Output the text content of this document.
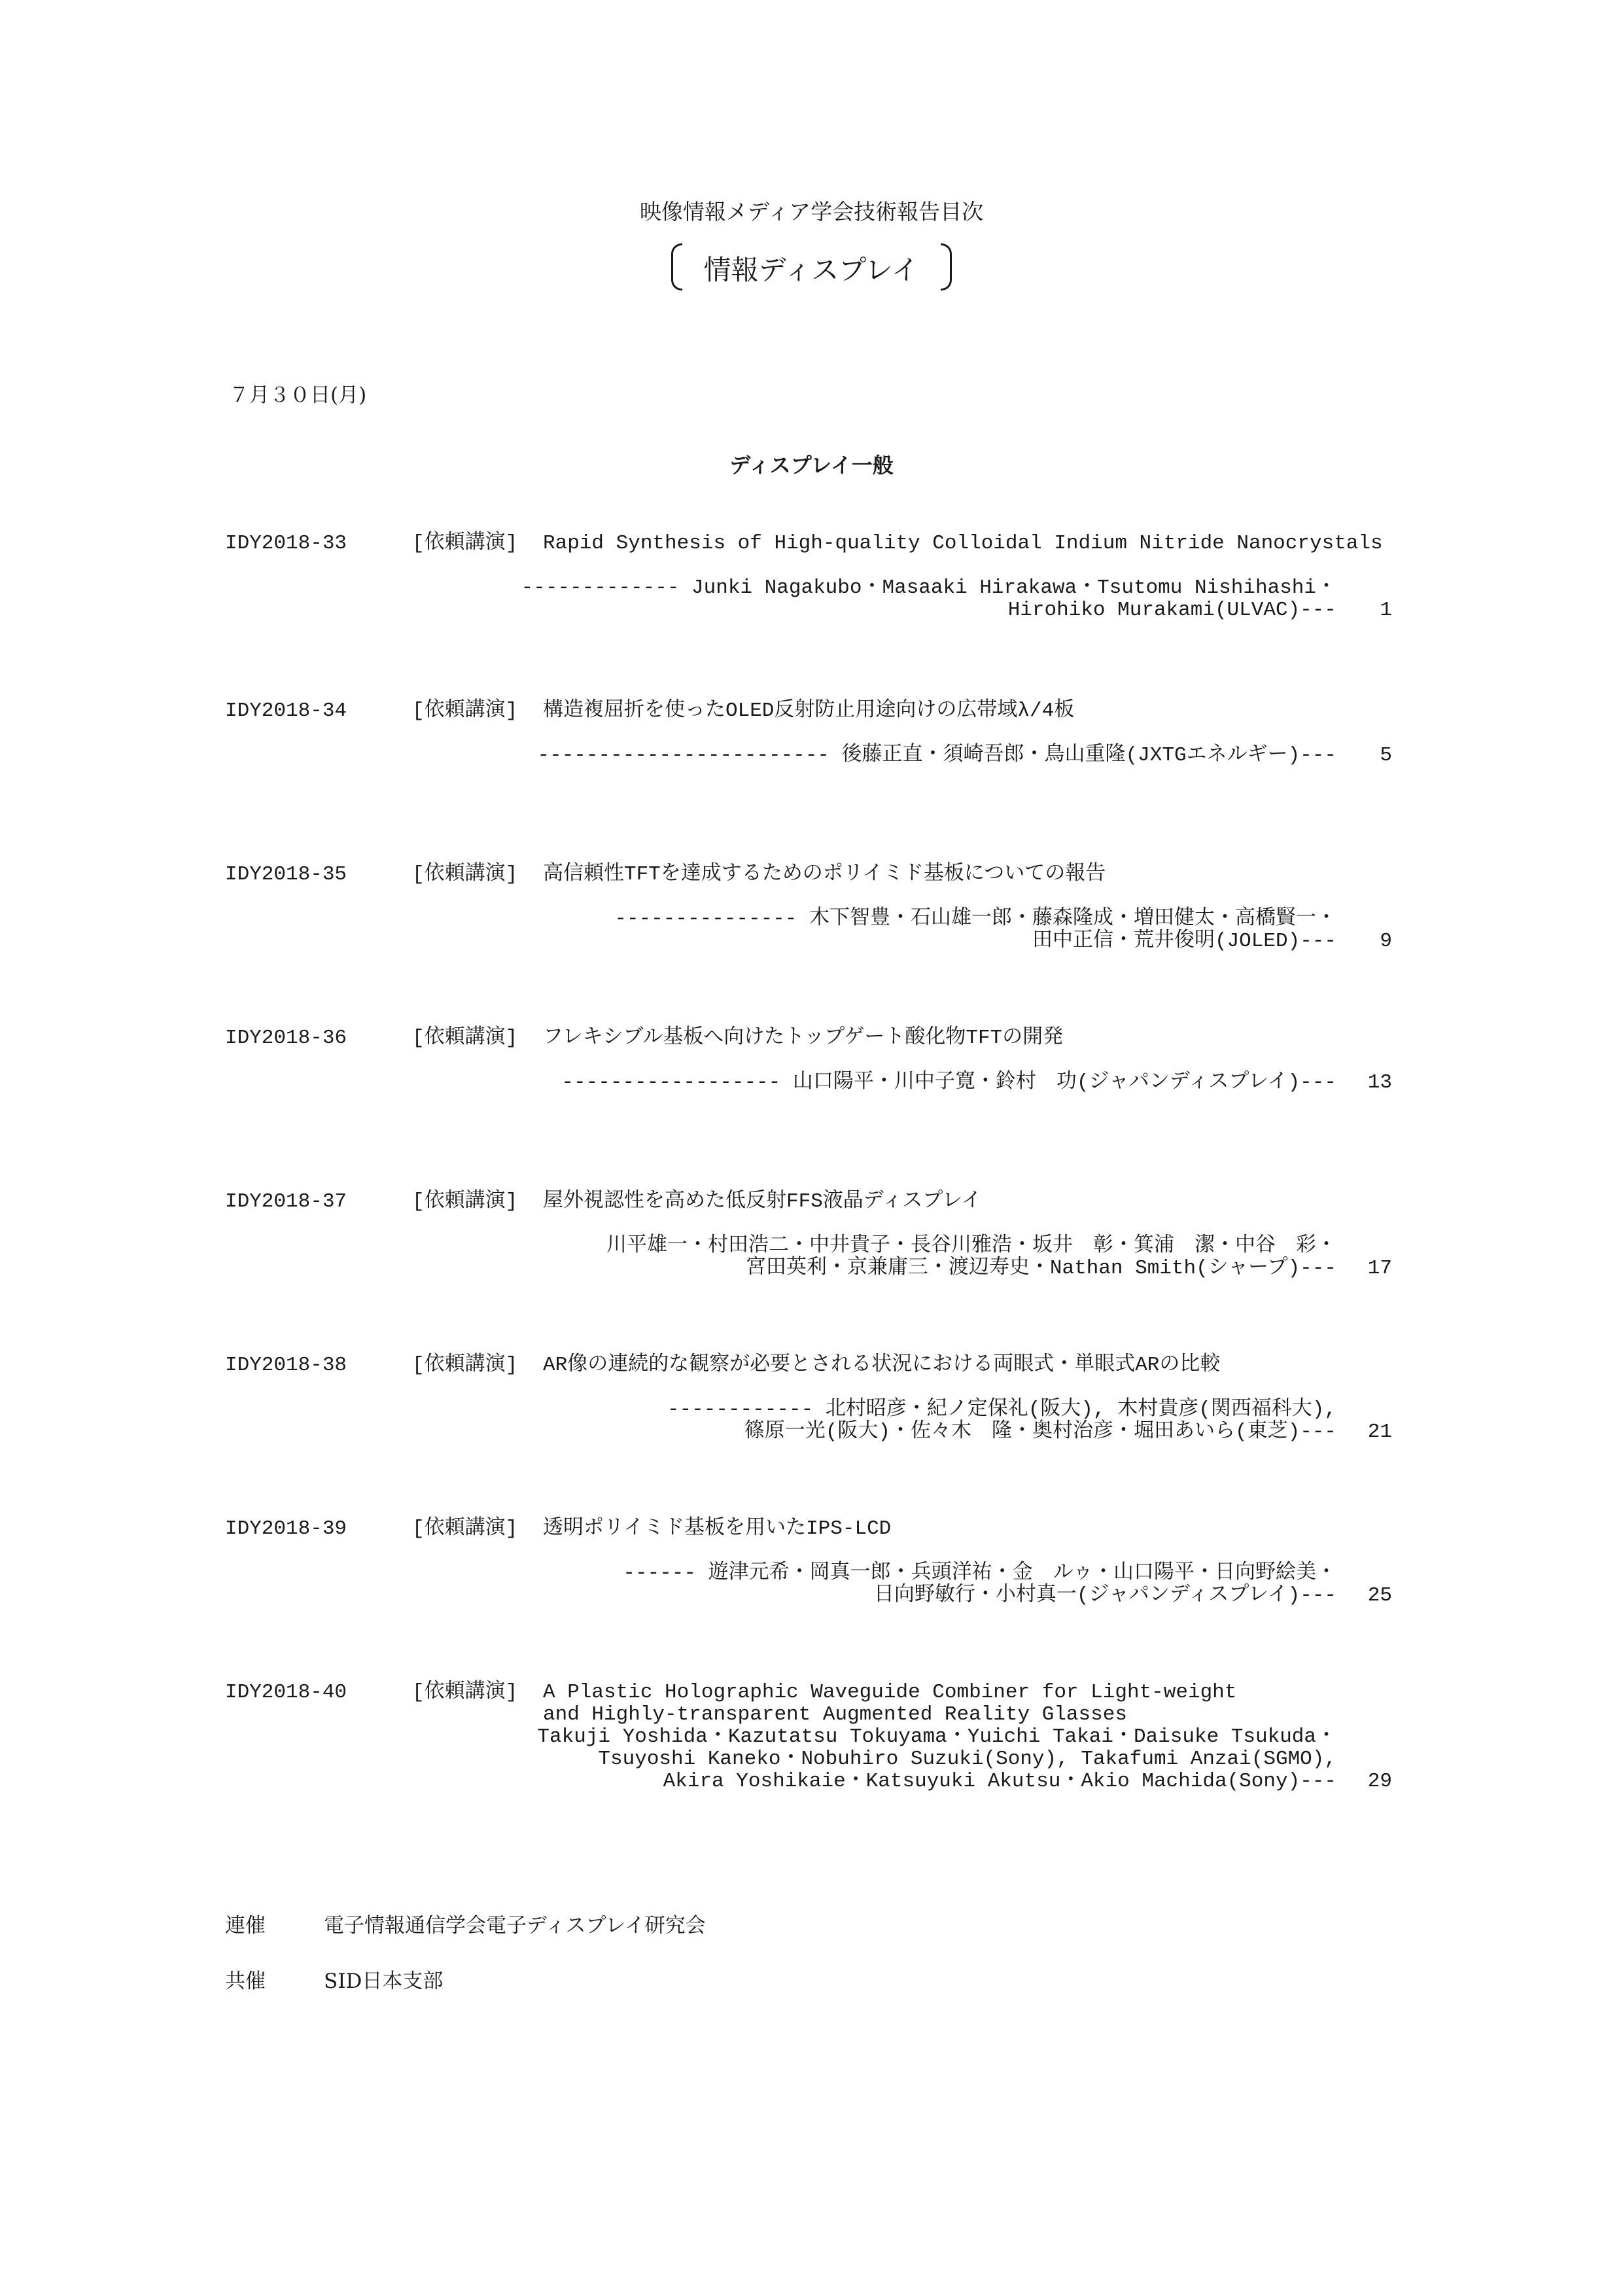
映像情報メディア学会技術報告目次
情報ディスプレイ
７月３０日(月)
ディスプレイ一般
IDY2018-33	[依頼講演] Rapid Synthesis of High-quality Colloidal Indium Nitride Nanocrystals
------------- Junki Nagakubo・Masaaki Hirakawa・Tsutomu Nishihashi・
Hirohiko Murakami(ULVAC)--- 1
IDY2018-34	[依頼講演] 構造複屈折を使ったOLED反射防止用途向けの広帯域λ/4板
------------------------ 後藤正直・須崎吾郎・鳥山重隆(JXTGエネルギー)--- 5
IDY2018-35	[依頼講演] 高信頼性TFTを達成するためのポリイミド基板についての報告
--------------- 木下智豊・石山雄一郎・藤森隆成・増田健太・高橋賢一・
田中正信・荒井俊明(JOLED)--- 9
IDY2018-36	[依頼講演] フレキシブル基板へ向けたトップゲート酸化物TFTの開発
------------------ 山口陽平・川中子寛・鈴村　功(ジャパンディスプレイ)--- 13
IDY2018-37	[依頼講演] 屋外視認性を高めた低反射FFS液晶ディスプレイ
川平雄一・村田浩二・中井貴子・長谷川雅浩・坂井　彰・箕浦　潔・中谷　彩・
宮田英利・京兼庸三・渡辺寿史・Nathan Smith(シャープ)--- 17
IDY2018-38	[依頼講演] AR像の連続的な観察が必要とされる状況における両眼式・単眼式ARの比較
------------ 北村昭彦・紀ノ定保礼(阪大), 木村貴彦(関西福科大),
篠原一光(阪大)・佐々木　隆・奥村治彦・堀田あいら(東芝)--- 21
IDY2018-39	[依頼講演] 透明ポリイミド基板を用いたIPS-LCD
------ 遊津元希・岡真一郎・兵頭洋祐・金　ルゥ・山口陽平・日向野絵美・
日向野敏行・小村真一(ジャパンディスプレイ)--- 25
IDY2018-40	[依頼講演] A Plastic Holographic Waveguide Combiner for Light-weight
and Highly-transparent Augmented Reality Glasses
Takuji Yoshida・Kazutatsu Tokuyama・Yuichi Takai・Daisuke Tsukuda・
Tsuyoshi Kaneko・Nobuhiro Suzuki(Sony), Takafumi Anzai(SGMO),
Akira Yoshikaie・Katsuyuki Akutsu・Akio Machida(Sony)--- 29
連催	電子情報通信学会電子ディスプレイ研究会
共催	SID日本支部
